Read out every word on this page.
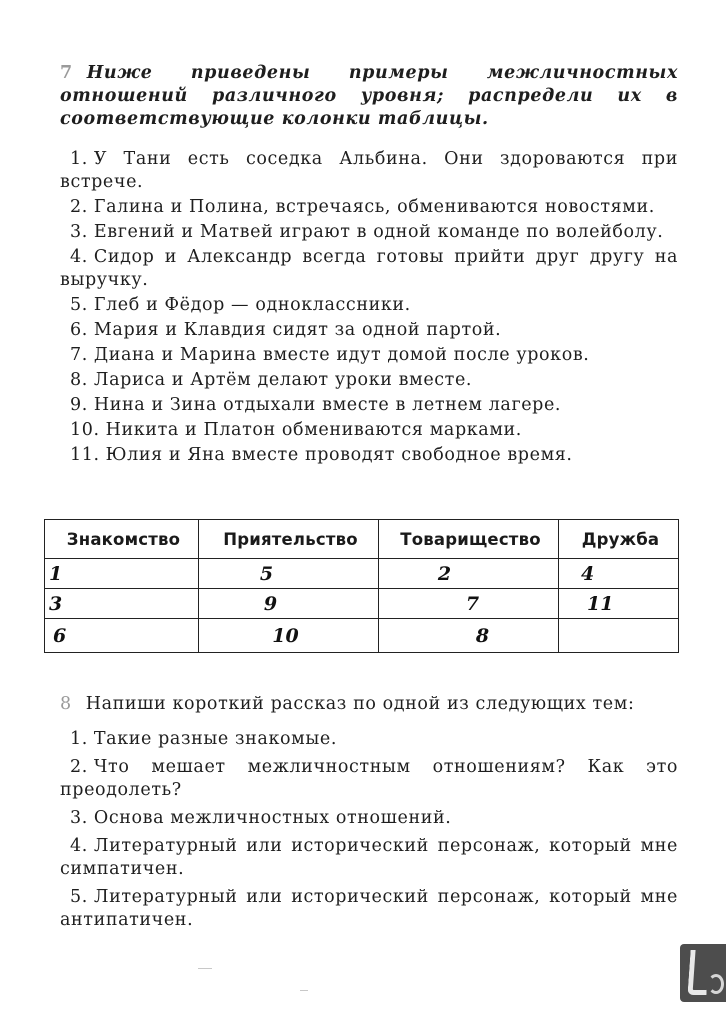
7 Ниже приведены примеры межличностных отношений различного уровня; распредели их в соответствующие колонки таблицы.

1. У Тани есть соседка Альбина. Они здороваются при встрече.
2. Галина и Полина, встречаясь, обмениваются новостями.
3. Евгений и Матвей играют в одной команде по волейболу.
4. Сидор и Александр всегда готовы прийти друг другу на выручку.
5. Глеб и Фёдор — одноклассники.
6. Мария и Клавдия сидят за одной партой.
7. Диана и Марина вместе идут домой после уроков.
8. Лариса и Артём делают уроки вместе.
9. Нина и Зина отдыхали вместе в летнем лагере.
10. Никита и Платон обмениваются марками.
11. Юлия и Яна вместе проводят свободное время.
Знакомство	Приятельство	Товарищество	Дружба
1	5	2	4
3	9	7	11
6	10	8	

8 Напиши короткий рассказ по одной из следующих тем:

1. Такие разные знакомые.
2. Что мешает межличностным отношениям? Как это преодолеть?
3. Основа межличностных отношений.
4. Литературный или исторический персонаж, который мне симпатичен.
5. Литературный или исторический персонаж, который мне антипатичен.
